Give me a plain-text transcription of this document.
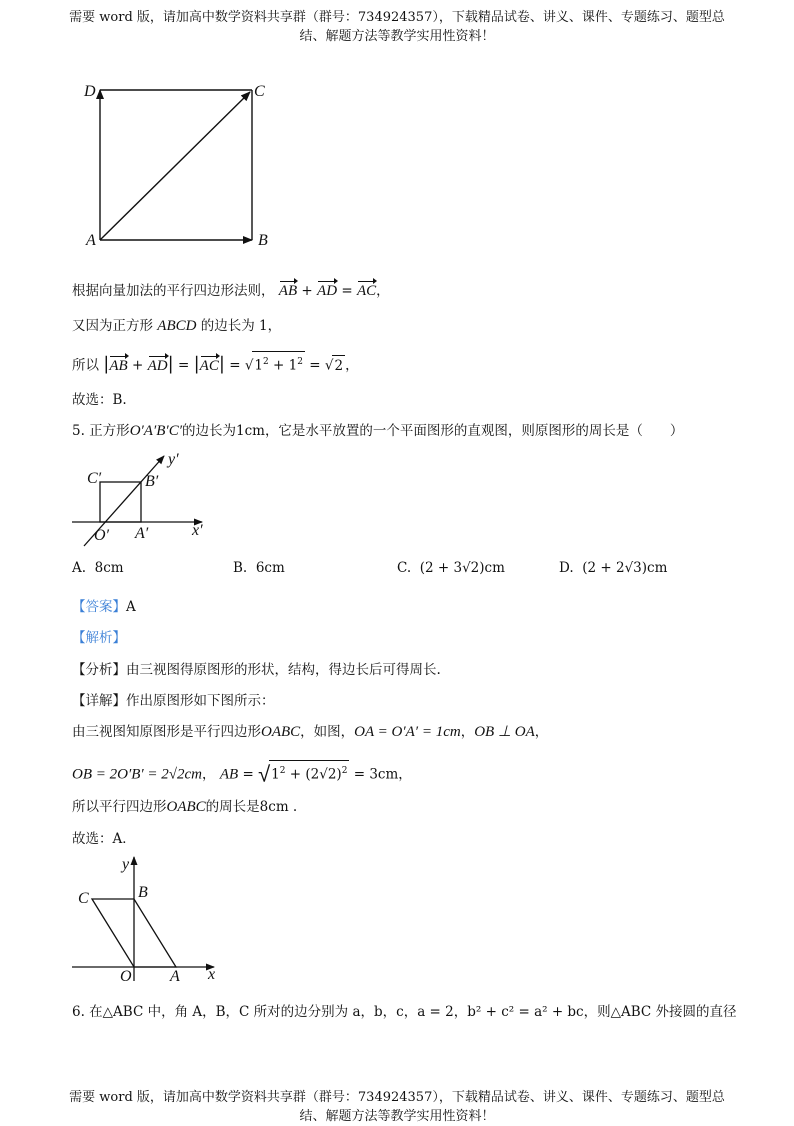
需要 word 版，请加高中数学资料共享群（群号：734924357），下载精品试卷、讲义、课件、专题练习、题型总
结、解题方法等教学实用性资料！
D	C
A	B
根据向量加法的平行四边形法则， AB + AD = AC，
又因为正方形 ABCD 的边长为 1，
所以 $|AB + AD| = |AC| = √1^2 + 1^2 = √2$ ，
故选：B.
5. 正方形O′A′B′C′的边长为1cm，它是水平放置的一个平面图形的直观图，则原图形的周长是（　　）
C′	B′
y′
O′ A′	x′
A. 8cm	B. 6cm	C. (2 + 3√2)cm	D. (2 + 2√3)cm
【答案】A
【解析】
【分析】由三视图得原图形的形状，结构，得边长后可得周长.
【详解】作出原图形如下图所示：
由三视图知原图形是平行四边形OABC，如图，OA = O′A′ = 1cm，OB ⊥ OA，
OB = 2O′B′ = 2√2cm， AB = $√1^2 + (2√2)^2 = 3cm$，
所以平行四边形OABC的周长是8cm .
故选：A．
y
C	B
O A x
6. 在△ABC 中，角 A，B，C 所对的边分别为 a，b，c，a = 2，b² + c² = a² + bc，则△ABC 外接圆的直径
需要 word 版，请加高中数学资料共享群（群号：734924357），下载精品试卷、讲义、课件、专题练习、题型总
结、解题方法等教学实用性资料！
